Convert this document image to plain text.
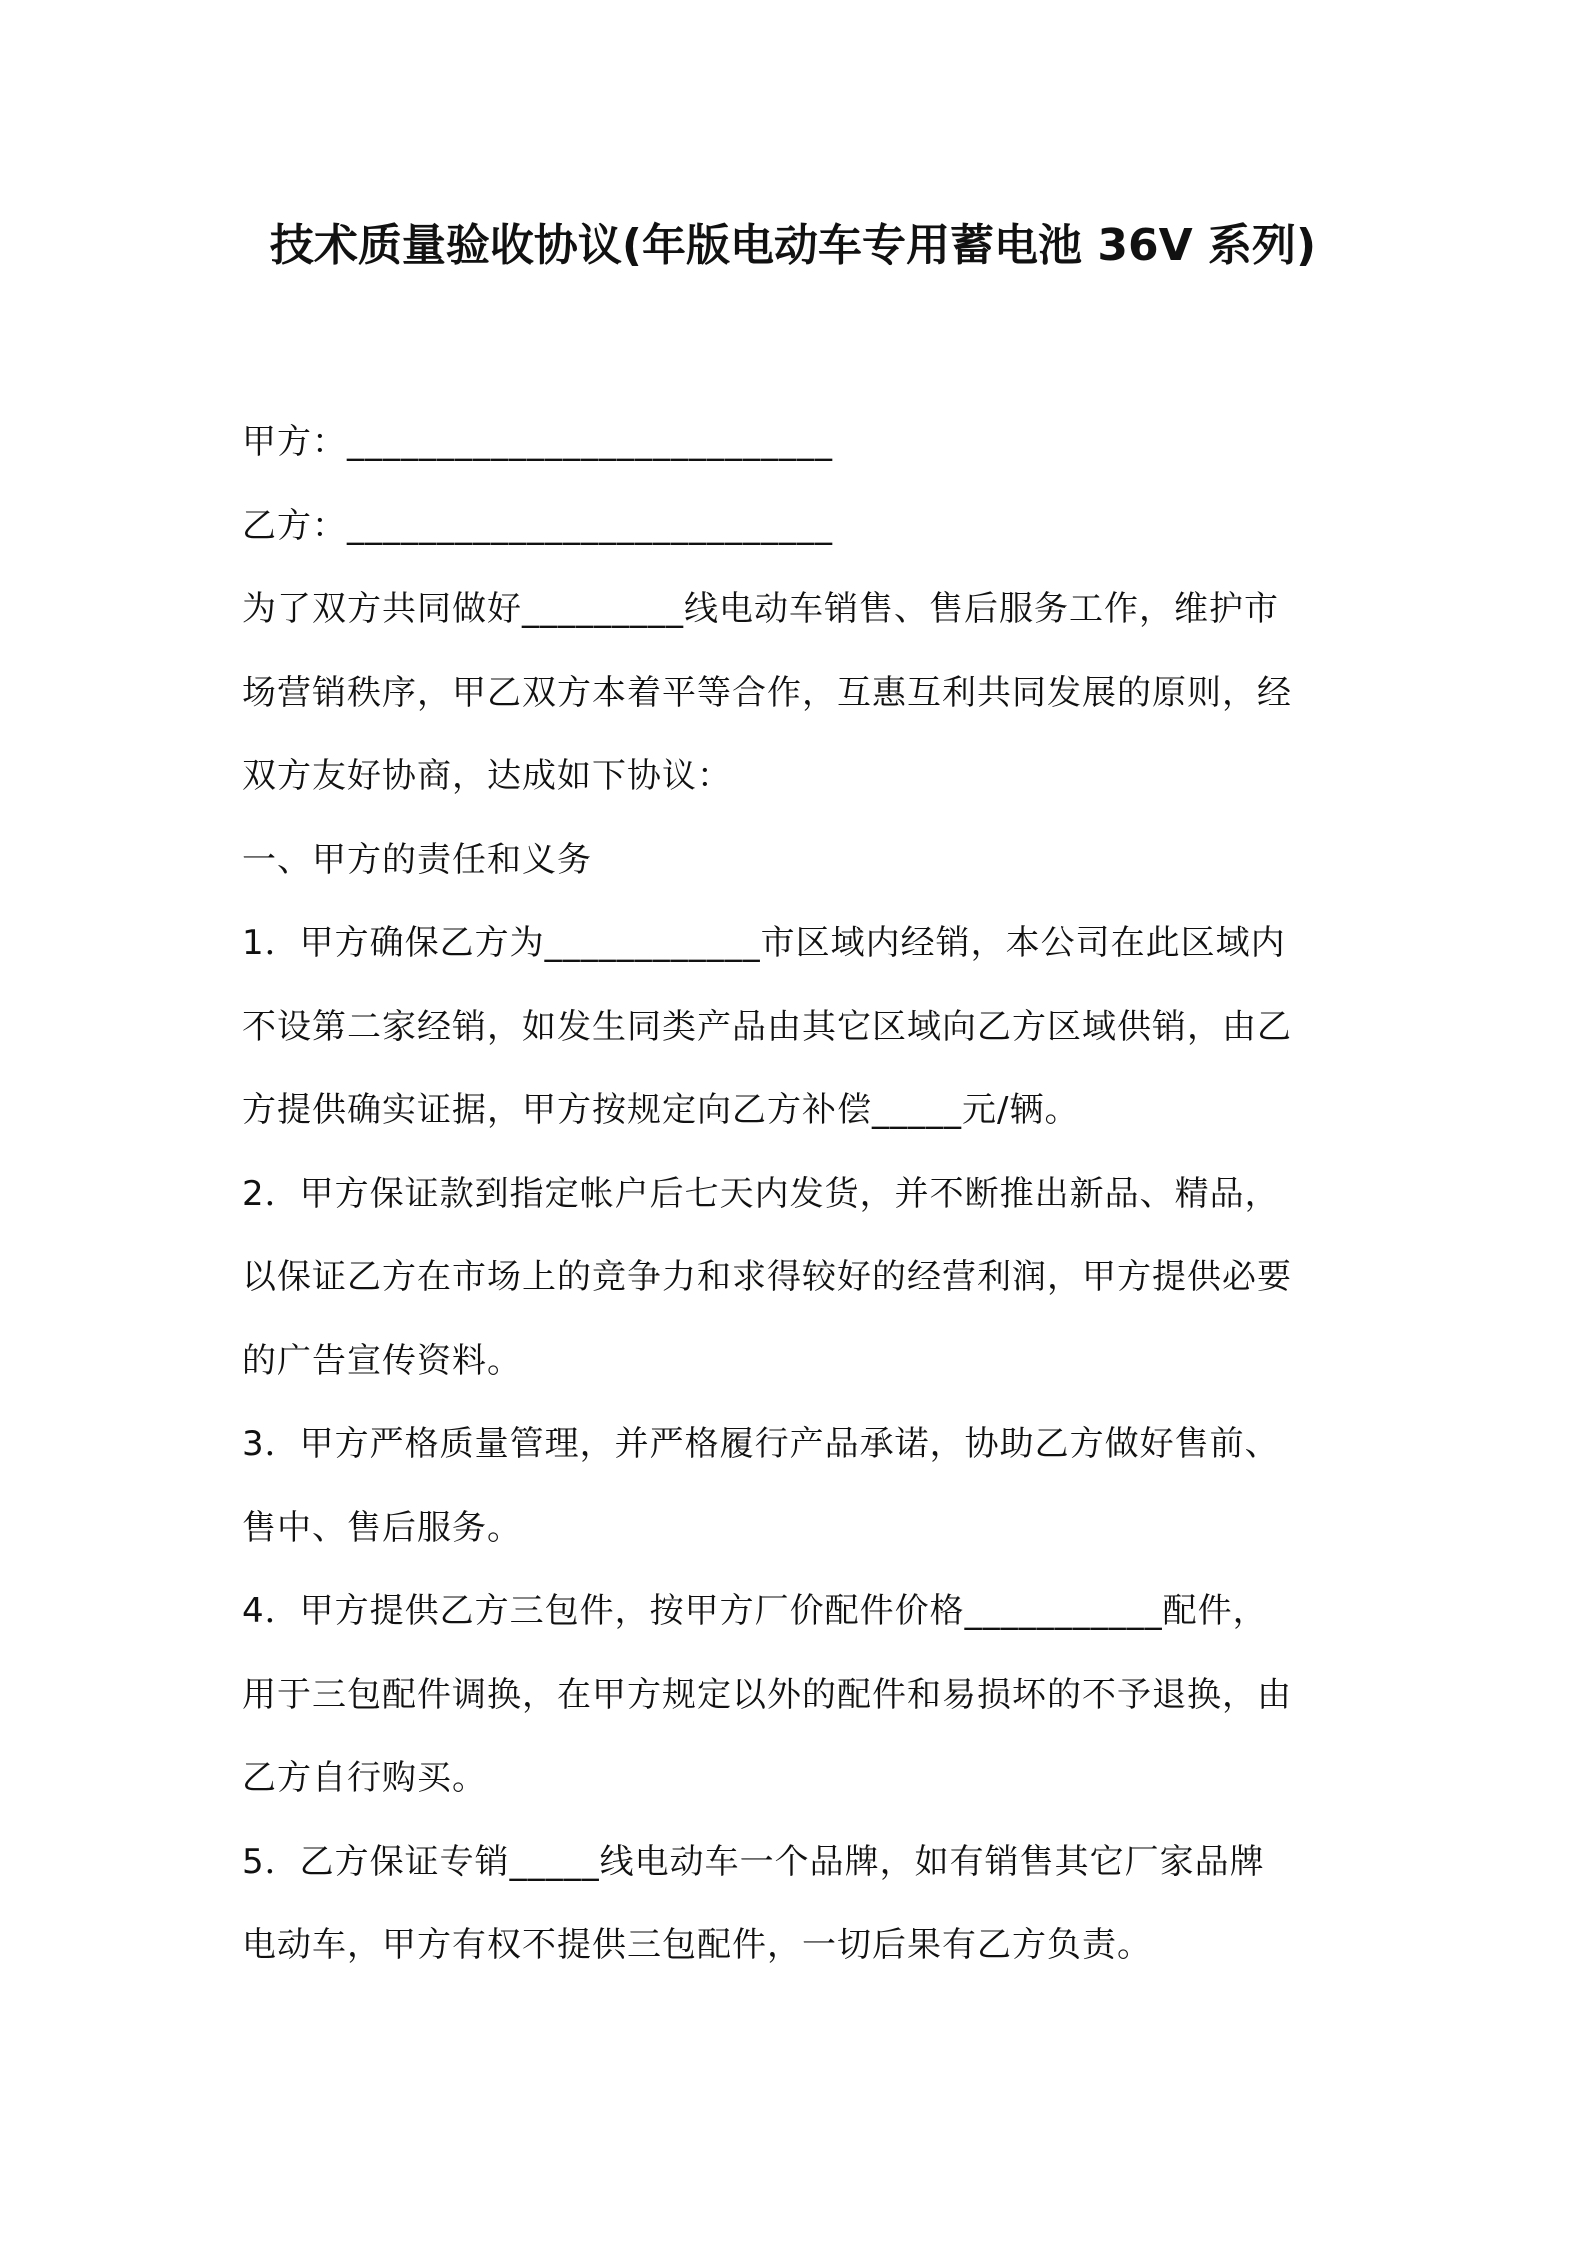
技术质量验收协议(年版电动车专用蓄电池 36V 系列)
甲方：___________________________
乙方：___________________________
为了双方共同做好_________线电动车销售、售后服务工作，维护市
场营销秩序，甲乙双方本着平等合作，互惠互利共同发展的原则，经
双方友好协商，达成如下协议：
一、甲方的责任和义务
1．甲方确保乙方为____________市区域内经销，本公司在此区域内
不设第二家经销，如发生同类产品由其它区域向乙方区域供销，由乙
方提供确实证据，甲方按规定向乙方补偿_____元/辆。
2．甲方保证款到指定帐户后七天内发货，并不断推出新品、精品，
以保证乙方在市场上的竞争力和求得较好的经营利润，甲方提供必要
的广告宣传资料。
3．甲方严格质量管理，并严格履行产品承诺，协助乙方做好售前、
售中、售后服务。
4．甲方提供乙方三包件，按甲方厂价配件价格___________配件，
用于三包配件调换，在甲方规定以外的配件和易损坏的不予退换，由
乙方自行购买。
5．乙方保证专销_____线电动车一个品牌，如有销售其它厂家品牌
电动车，甲方有权不提供三包配件，一切后果有乙方负责。
